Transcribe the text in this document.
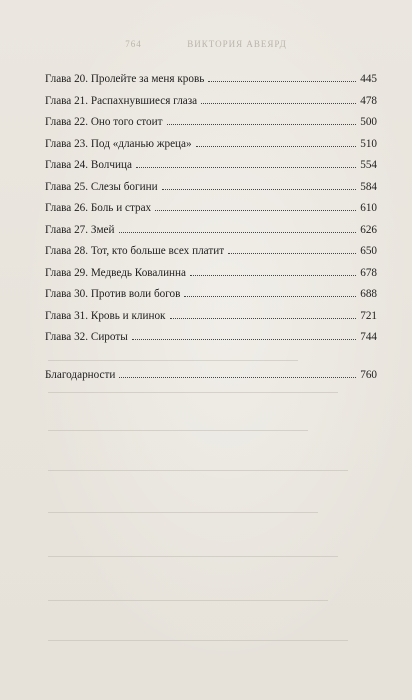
764	ВИКТОРИЯ АВЕЯРД
Глава 20. Пролейте за меня кровь	445
Глава 21. Распахнувшиеся глаза	478
Глава 22. Оно того стоит	500
Глава 23. Под «дланью жреца»	510
Глава 24. Волчица	554
Глава 25. Слезы богини	584
Глава 26. Боль и страх	610
Глава 27. Змей	626
Глава 28. Тот, кто больше всех платит	650
Глава 29. Медведь Ковалинна	678
Глава 30. Против воли богов	688
Глава 31. Кровь и клинок	721
Глава 32. Сироты	744
Благодарности	760
